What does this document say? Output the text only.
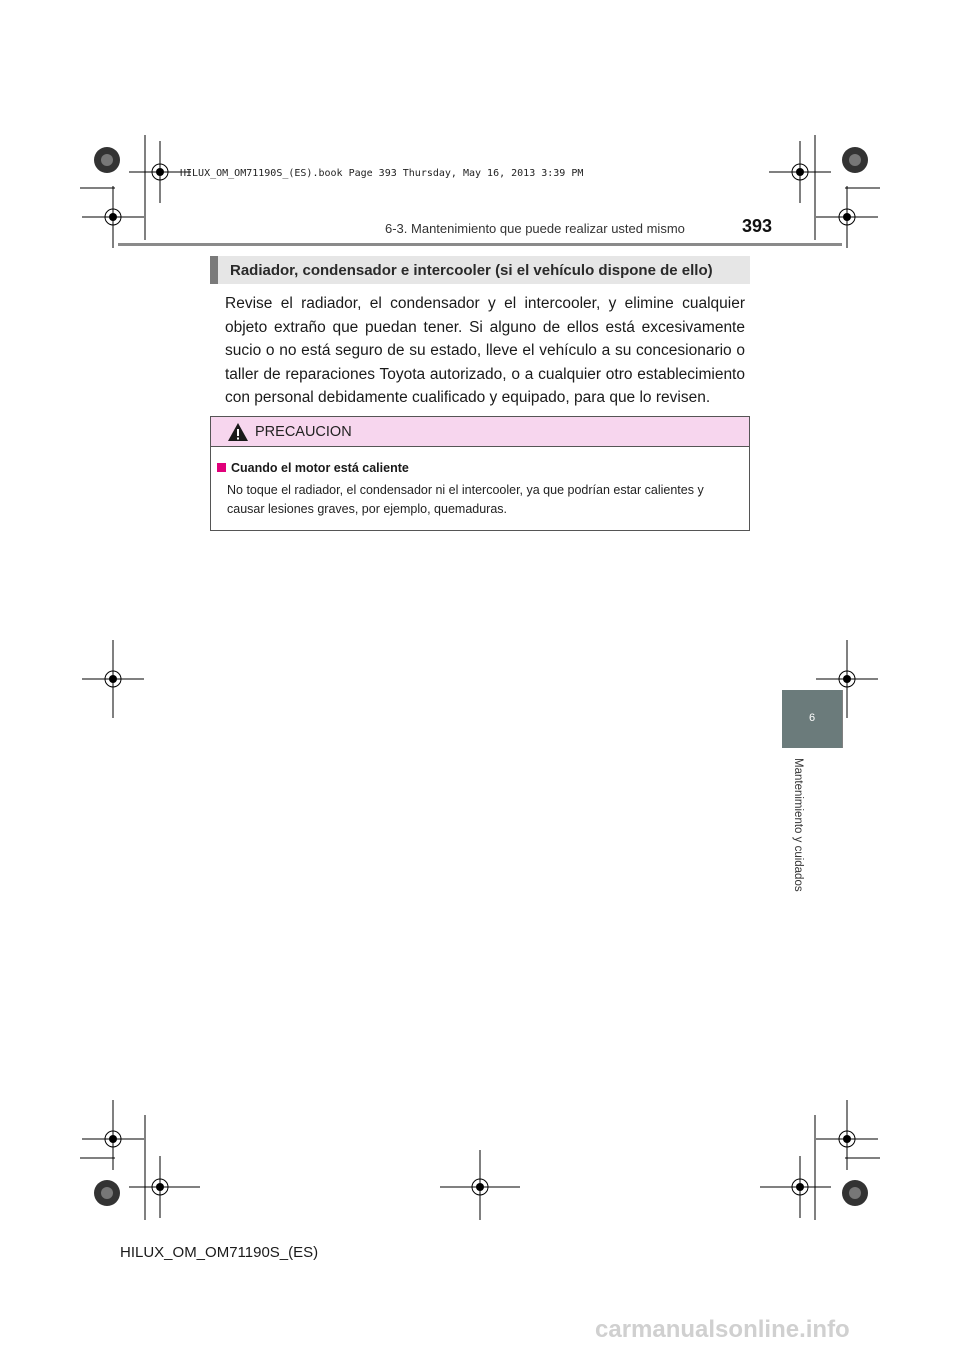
HILUX_OM_OM71190S_(ES).book Page 393 Thursday, May 16, 2013 3:39 PM
6-3. Mantenimiento que puede realizar usted mismo	393
Radiador, condensador e intercooler (si el vehículo dispone de ello)
Revise el radiador, el condensador y el intercooler, y elimine cualquier objeto extraño que puedan tener. Si alguno de ellos está excesivamente sucio o no está seguro de su estado, lleve el vehículo a su concesionario o taller de reparaciones Toyota autorizado, o a cualquier otro establecimiento con personal debidamente cualificado y equipado, para que lo revisen.
PRECAUCION
Cuando el motor está caliente
No toque el radiador, el condensador ni el intercooler, ya que podrían estar calientes y causar lesiones graves, por ejemplo, quemaduras.
6
Mantenimiento y cuidados
HILUX_OM_OM71190S_(ES)
carmanualsonline.info
